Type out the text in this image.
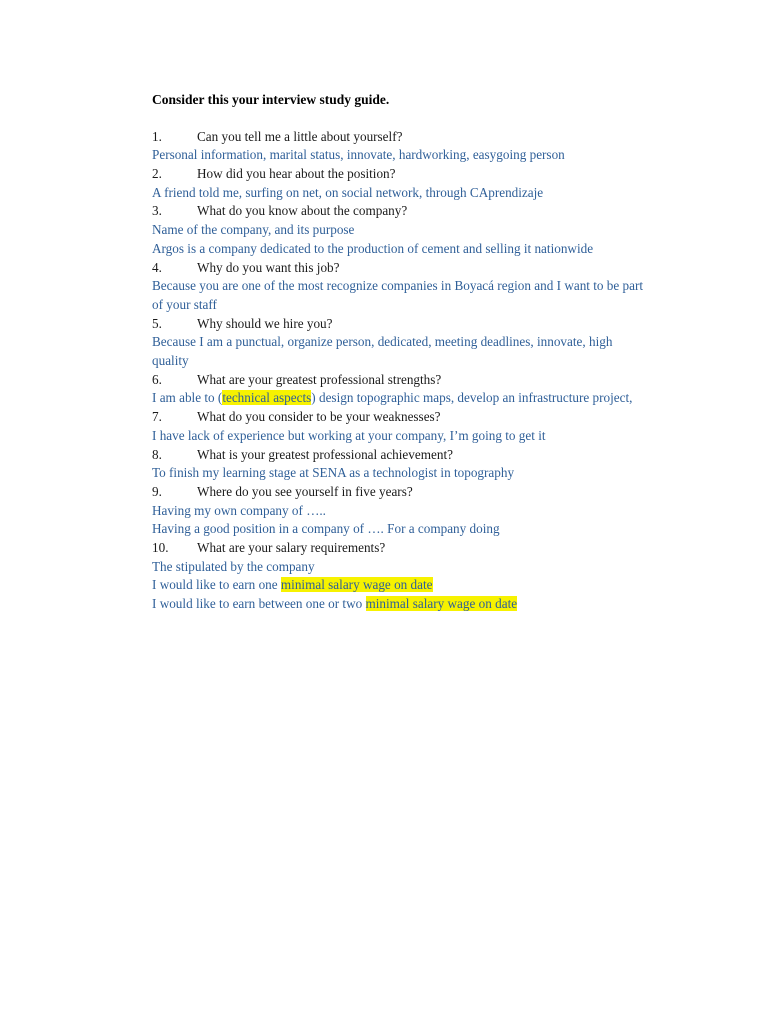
Consider this your interview study guide.
1.	Can you tell me a little about yourself?
Personal information, marital status, innovate, hardworking, easygoing person
2.	How did you hear about the position?
A friend told me, surfing on net, on social network, through CAprendizaje
3.	What do you know about the company?
Name of the company, and its purpose
Argos is a company dedicated to the production of cement and selling it nationwide
4.	Why do you want this job?
Because you are one of the most recognize companies in Boyacá region and I want to be part of your staff
5.	Why should we hire you?
Because I am a punctual, organize person, dedicated, meeting deadlines, innovate, high quality
6.	What are your greatest professional strengths?
I am able to (technical aspects) design topographic maps, develop an infrastructure project,
7.	What do you consider to be your weaknesses?
I have lack of experience but working at your company, I’m going to get it
8.	What is your greatest professional achievement?
To finish my learning stage at SENA as a technologist in topography
9.	Where do you see yourself in five years?
Having my own company of …..
Having a good position in a company of …. For a company doing
10. What are your salary requirements?
The stipulated by the company
I would like to earn one minimal salary wage on date
I would like to earn between one or two minimal salary wage on date
